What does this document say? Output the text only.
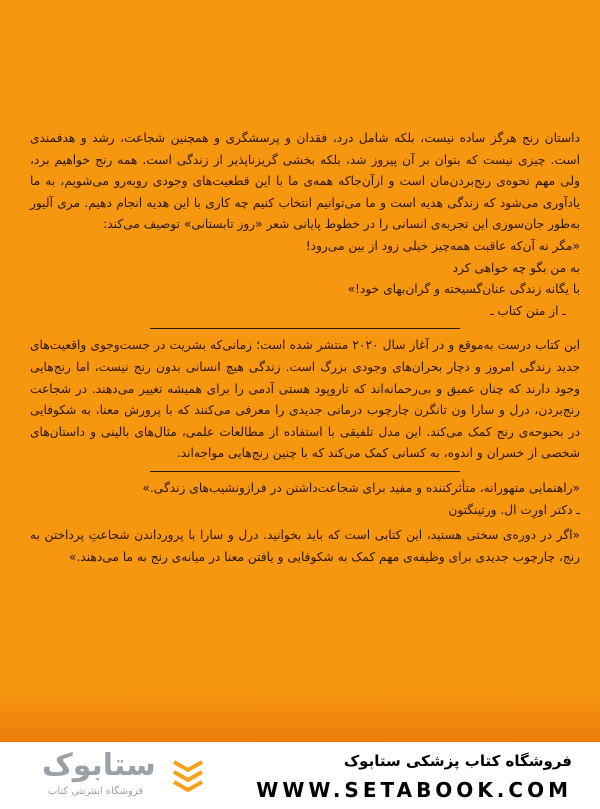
داستان رنج هرگز ساده نیست، بلکه شامل درد، فقدان و پرسشگری و همچنین شجاعت، رشد و هدفمندی است. چیزی نیست که بتوان بر آن پیروز شد، بلکه بخشی گریزناپذیر از زندگی است. همه رنج خواهیم برد، ولی مهم نحوه‌ی رنج‌بردن‌مان است و ازآن‌جاکه همه‌ی ما با این قطعیت‌های وجودی روبه‌رو می‌شویم، به ما یادآوری می‌شود که زندگی هدیه است و ما می‌توانیم انتخاب کنیم چه کاری با این هدیه انجام دهیم. مری آلیور به‌طور جان‌سوزی این تجربه‌ی انسانی را در خطوط پایانی شعر «روز تابستانی» توصیف می‌کند:

«مگر نه آن‌که عاقبت همه‌چیز خیلی زود از بین می‌رود!

به من بگو چه خواهی کرد

با یگانه زندگی عنان‌گسیخته و گران‌بهای خود!»

ـ از متن کتاب ـ

این کتاب درست به‌موقع و در آغاز سال ۲۰۲۰ منتشر شده است؛ زمانی‌که بشریت در جست‌وجوی واقعیت‌های جدید زندگی امروز و دچار بحران‌های وجودی بزرگ است. زندگی هیچ انسانی بدون رنج نیست، اما رنج‌هایی وجود دارند که چنان عمیق و بی‌رحمانه‌اند که تاروپود هستی آدمی را برای همیشه تغییر می‌دهند. در شجاعت رنج‌بردن، درل و سارا ون تانگرن چارچوب درمانی جدیدی را معرفی می‌کنند که با پرورش معنا، به شکوفایی در بحبوحه‌ی رنج کمک می‌کند. این مدل تلفیقی با استفاده از مطالعات علمی، مثال‌های بالینی و داستان‌های شخصی از خسران و اندوه، به کسانی کمک می‌کند که با چنین رنج‌هایی مواجه‌اند.

«راهنمایی متهورانه، متأثرکننده و مفید برای شجاعت‌داشتن در فرازونشیب‌های زندگی.»

ـ دکتر اورِت ال. ورتینگتون

«اگر در دوره‌ی سختی هستید، این کتابی است که باید بخوانید. درل و سارا با پرورداندن شجاعتِ پرداختن به رنج، چارچوب جدیدی برای وظیفه‌ی مهم کمک به شکوفایی و یافتن معنا در میانه‌ی رنج به ما می‌دهند.»

ستابوک
فروشگاه اینترنتی کتاب
فروشگاه کتاب پزشکی ستابوک
WWW.SETABOOK.COM
